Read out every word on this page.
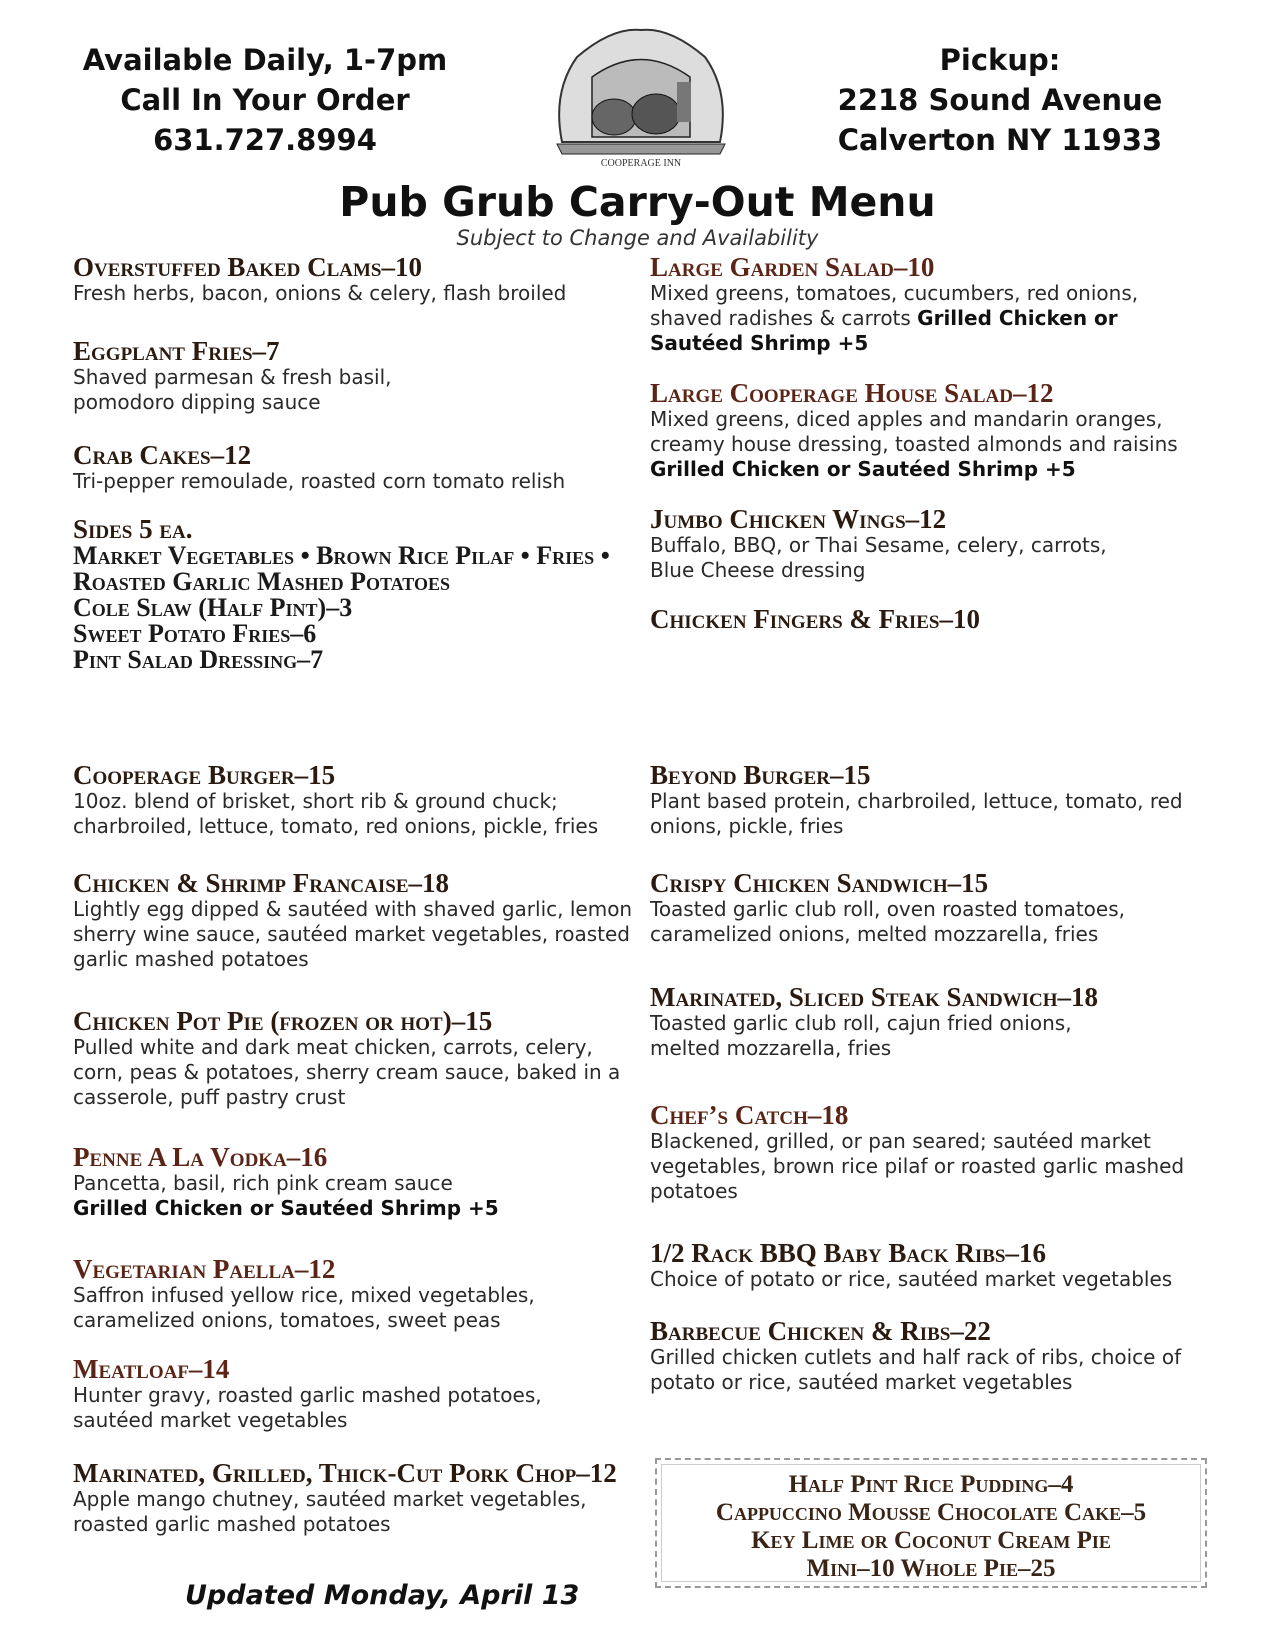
Available Daily, 1-7pm
Call In Your Order
631.727.8994
COOPERAGE INN
Pickup:
2218 Sound Avenue
Calverton NY 11933
Pub Grub Carry-Out Menu
Subject to Change and Availability
Overstuffed Baked Clams–10
Fresh herbs, bacon, onions & celery, flash broiled
Eggplant Fries–7
Shaved parmesan & fresh basil,
pomodoro dipping sauce
Crab Cakes–12
Tri-pepper remoulade, roasted corn tomato relish
Sides 5 ea.
Market Vegetables • Brown Rice Pilaf • Fries •
Roasted Garlic Mashed Potatoes
Cole Slaw (Half Pint)–3
Sweet Potato Fries–6
Pint Salad Dressing–7
Large Garden Salad–10
Mixed greens, tomatoes, cucumbers, red onions,
shaved radishes & carrots Grilled Chicken or Sautéed Shrimp +5
Large Cooperage House Salad–12
Mixed greens, diced apples and mandarin oranges,
creamy house dressing, toasted almonds and raisins
Grilled Chicken or Sautéed Shrimp +5
Jumbo Chicken Wings–12
Buffalo, BBQ, or Thai Sesame, celery, carrots,
Blue Cheese dressing
Chicken Fingers & Fries–10
Cooperage Burger–15
10oz. blend of brisket, short rib & ground chuck;
charbroiled, lettuce, tomato, red onions, pickle, fries
Chicken & Shrimp Francaise–18
Lightly egg dipped & sautéed with shaved garlic, lemon
sherry wine sauce, sautéed market vegetables, roasted
garlic mashed potatoes
Chicken Pot Pie (frozen or hot)–15
Pulled white and dark meat chicken, carrots, celery,
corn, peas & potatoes, sherry cream sauce, baked in a
casserole, puff pastry crust
Penne A La Vodka–16
Pancetta, basil, rich pink cream sauce
Grilled Chicken or Sautéed Shrimp +5
Vegetarian Paella–12
Saffron infused yellow rice, mixed vegetables,
caramelized onions, tomatoes, sweet peas
Meatloaf–14
Hunter gravy, roasted garlic mashed potatoes,
sautéed market vegetables
Marinated, Grilled, Thick-Cut Pork Chop–12
Apple mango chutney, sautéed market vegetables,
roasted garlic mashed potatoes
Beyond Burger–15
Plant based protein, charbroiled, lettuce, tomato, red
onions, pickle, fries
Crispy Chicken Sandwich–15
Toasted garlic club roll, oven roasted tomatoes,
caramelized onions, melted mozzarella, fries
Marinated, Sliced Steak Sandwich–18
Toasted garlic club roll, cajun fried onions,
melted mozzarella, fries
Chef’s Catch–18
Blackened, grilled, or pan seared; sautéed market
vegetables, brown rice pilaf or roasted garlic mashed
potatoes
1/2 Rack BBQ Baby Back Ribs–16
Choice of potato or rice, sautéed market vegetables
Barbecue Chicken & Ribs–22
Grilled chicken cutlets and half rack of ribs, choice of
potato or rice, sautéed market vegetables
Half Pint Rice Pudding–4
Cappuccino Mousse Chocolate Cake–5
Key Lime or Coconut Cream Pie
Mini–10 Whole Pie–25
Updated Monday, April 13
